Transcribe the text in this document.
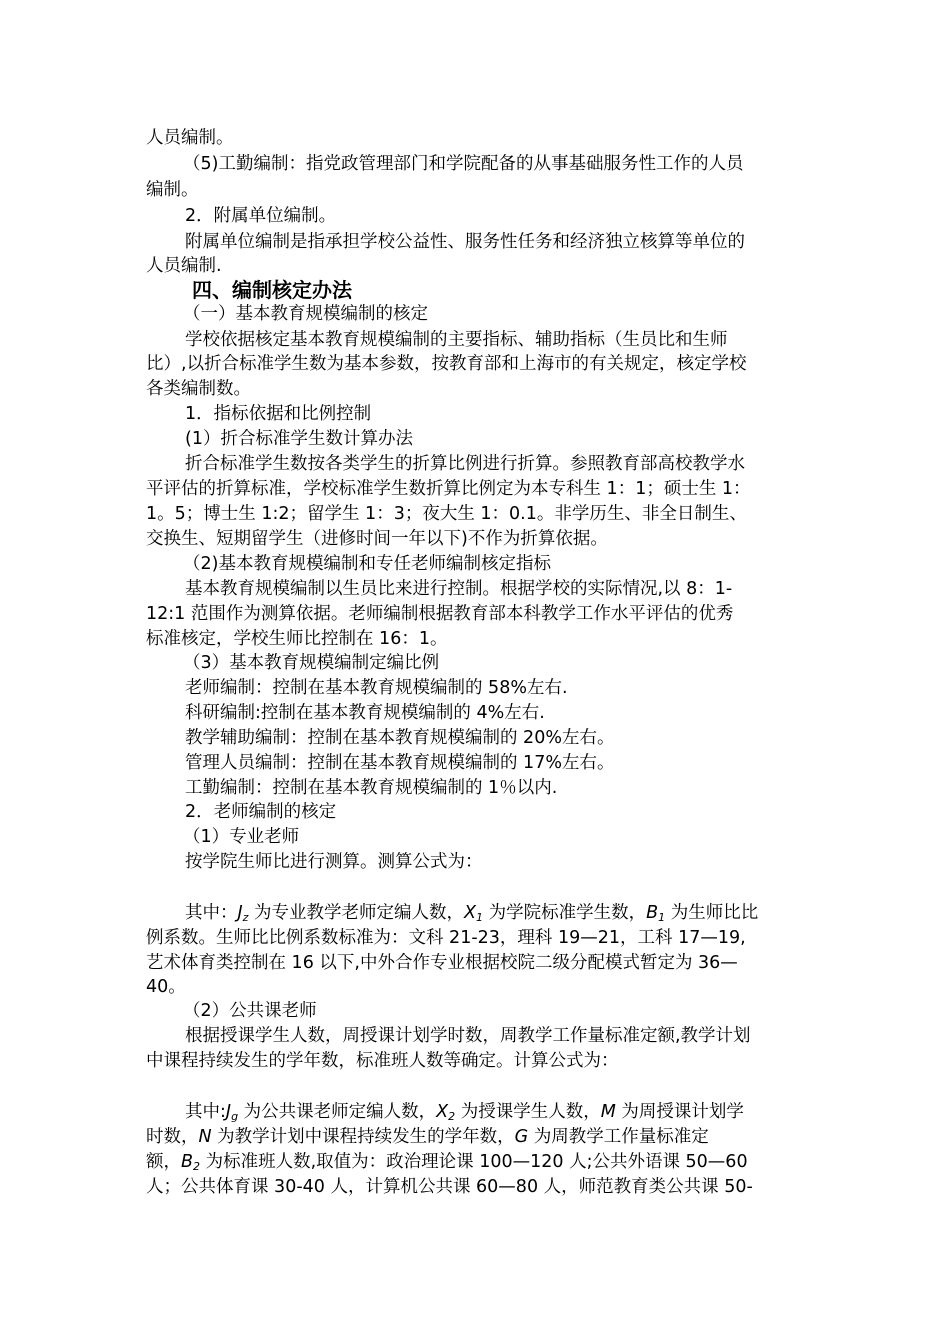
人员编制。
（5)工勤编制：指党政管理部门和学院配备的从事基础服务性工作的人员
编制。
2．附属单位编制。
附属单位编制是指承担学校公益性、服务性任务和经济独立核算等单位的
人员编制.
四、编制核定办法
（一）基本教育规模编制的核定
学校依据核定基本教育规模编制的主要指标、辅助指标（生员比和生师
比）,以折合标准学生数为基本参数，按教育部和上海市的有关规定，核定学校
各类编制数。
1．指标依据和比例控制
(1）折合标准学生数计算办法
折合标准学生数按各类学生的折算比例进行折算。参照教育部高校教学水
平评估的折算标准，学校标准学生数折算比例定为本专科生 1：1；硕士生 1：
1。5；博士生 1:2；留学生 1：3；夜大生 1：0.1。非学历生、非全日制生、
交换生、短期留学生（进修时间一年以下)不作为折算依据。
（2)基本教育规模编制和专任老师编制核定指标
基本教育规模编制以生员比来进行控制。根据学校的实际情况,以 8：1-
12:1 范围作为测算依据。老师编制根据教育部本科教学工作水平评估的优秀
标准核定，学校生师比控制在 16：1。
（3）基本教育规模编制定编比例
老师编制：控制在基本教育规模编制的 58%左右.
科研编制:控制在基本教育规模编制的 4%左右.
教学辅助编制：控制在基本教育规模编制的 20%左右。
管理人员编制：控制在基本教育规模编制的 17%左右。
工勤编制：控制在基本教育规模编制的 1％以内.
2．老师编制的核定
（1）专业老师
按学院生师比进行测算。测算公式为：
其中：$J_z$ 为专业教学老师定编人数，$X_1$ 为学院标准学生数，$B_1$ 为生师比比
例系数。生师比比例系数标准为：文科 21-23，理科 19—21，工科 17—19,
艺术体育类控制在 16 以下,中外合作专业根据校院二级分配模式暂定为 36—
40。
（2）公共课老师
根据授课学生人数，周授课计划学时数，周教学工作量标准定额,教学计划
中课程持续发生的学年数，标准班人数等确定。计算公式为：
其中$:J_g$ 为公共课老师定编人数，$X_2$ 为授课学生人数，M 为周授课计划学
时数，N 为教学计划中课程持续发生的学年数，G 为周教学工作量标准定
额，$B_2$ 为标准班人数,取值为：政治理论课 100—120 人;公共外语课 50—60
人；公共体育课 30-40 人，计算机公共课 60—80 人，师范教育类公共课 50-
